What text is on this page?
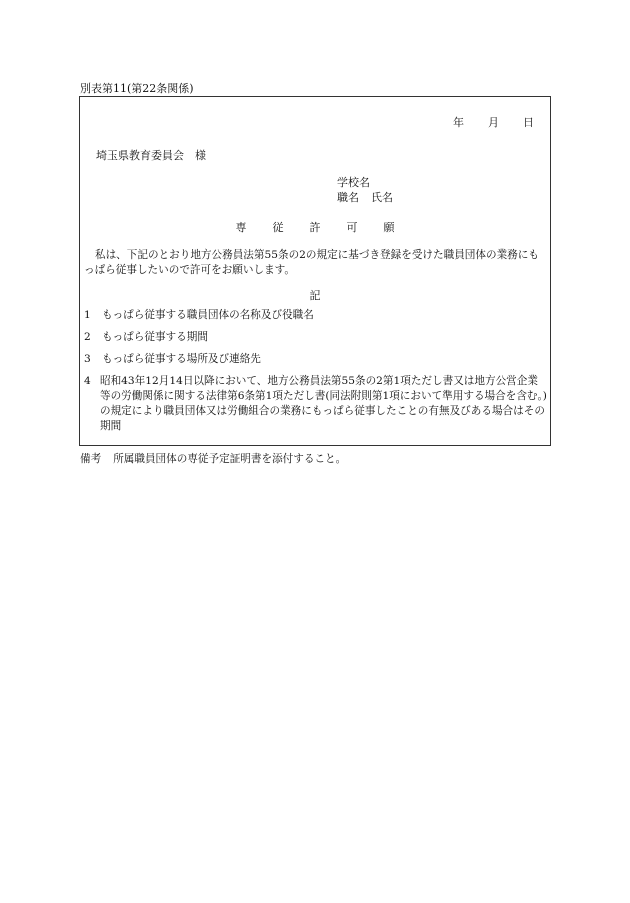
別表第11(第22条関係)
年 月 日
埼玉県教育委員会　様
学校名
職名 氏名
専 従 許 可 願
私は、下記のとおり地方公務員法第55条の2の規定に基づき登録を受けた職員団体の業務にもっぱら従事したいので許可をお願いします。
記
1 もっぱら従事する職員団体の名称及び役職名
2 もっぱら従事する期間
3 もっぱら従事する場所及び連絡先
4 昭和43年12月14日以降において、地方公務員法第55条の2第1項ただし書又は地方公営企業等の労働関係に関する法律第6条第1項ただし書(同法附則第1項において準用する場合を含む。)の規定により職員団体又は労働組合の業務にもっぱら従事したことの有無及びある場合はその期間
備考 所属職員団体の専従予定証明書を添付すること。
